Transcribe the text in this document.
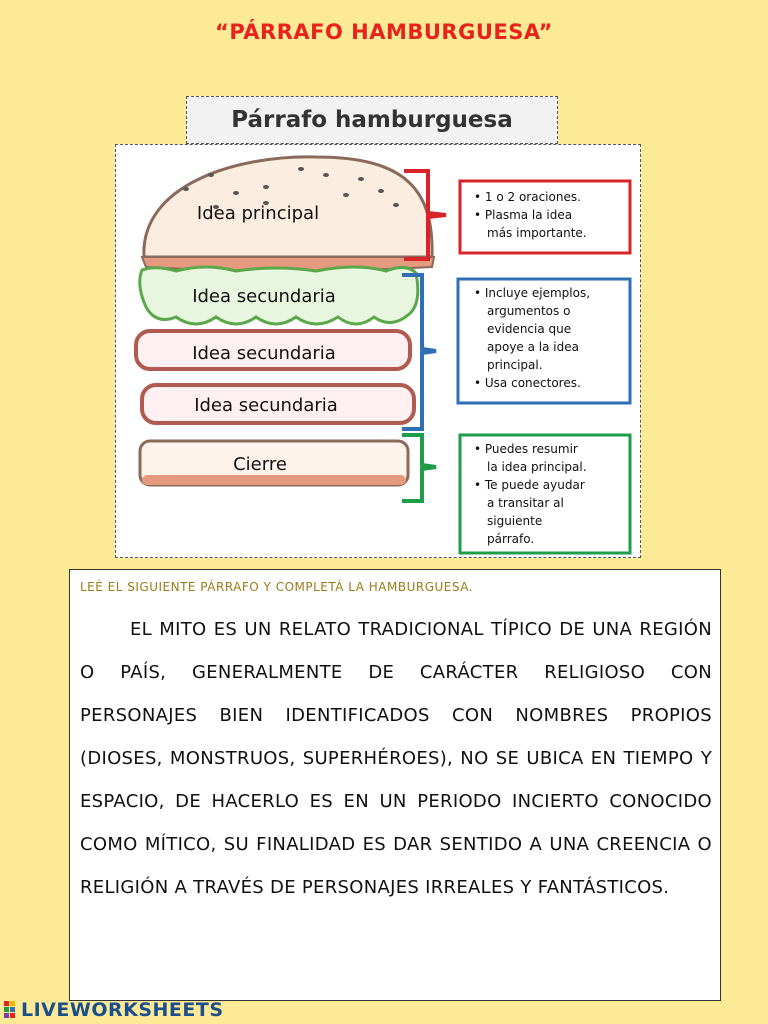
“PÁRRAFO HAMBURGUESA”
Párrafo hamburguesa
Idea principal
Idea secundaria
Idea secundaria
Idea secundaria
Cierre
• 1 o 2 oraciones.
• Plasma la idea
más importante.
• Incluye ejemplos,
argumentos o
evidencia que
apoye a la idea
principal.
• Usa conectores.
• Puedes resumir
la idea principal.
• Te puede ayudar
a transitar al
siguiente
párrafo.
LEÉ EL SIGUIENTE PÁRRAFO Y COMPLETÁ LA HAMBURGUESA.
EL MITO ES UN RELATO TRADICIONAL TÍPICO DE UNA REGIÓN O PAÍS, GENERALMENTE DE CARÁCTER RELIGIOSO CON PERSONAJES BIEN IDENTIFICADOS CON NOMBRES PROPIOS (DIOSES, MONSTRUOS, SUPERHÉROES), NO SE UBICA EN TIEMPO Y ESPACIO, DE HACERLO ES EN UN PERIODO INCIERTO CONOCIDO COMO MÍTICO, SU FINALIDAD ES DAR SENTIDO A UNA CREENCIA O RELIGIÓN A TRAVÉS DE PERSONAJES IRREALES Y FANTÁSTICOS.
LIVEWORKSHEETS
